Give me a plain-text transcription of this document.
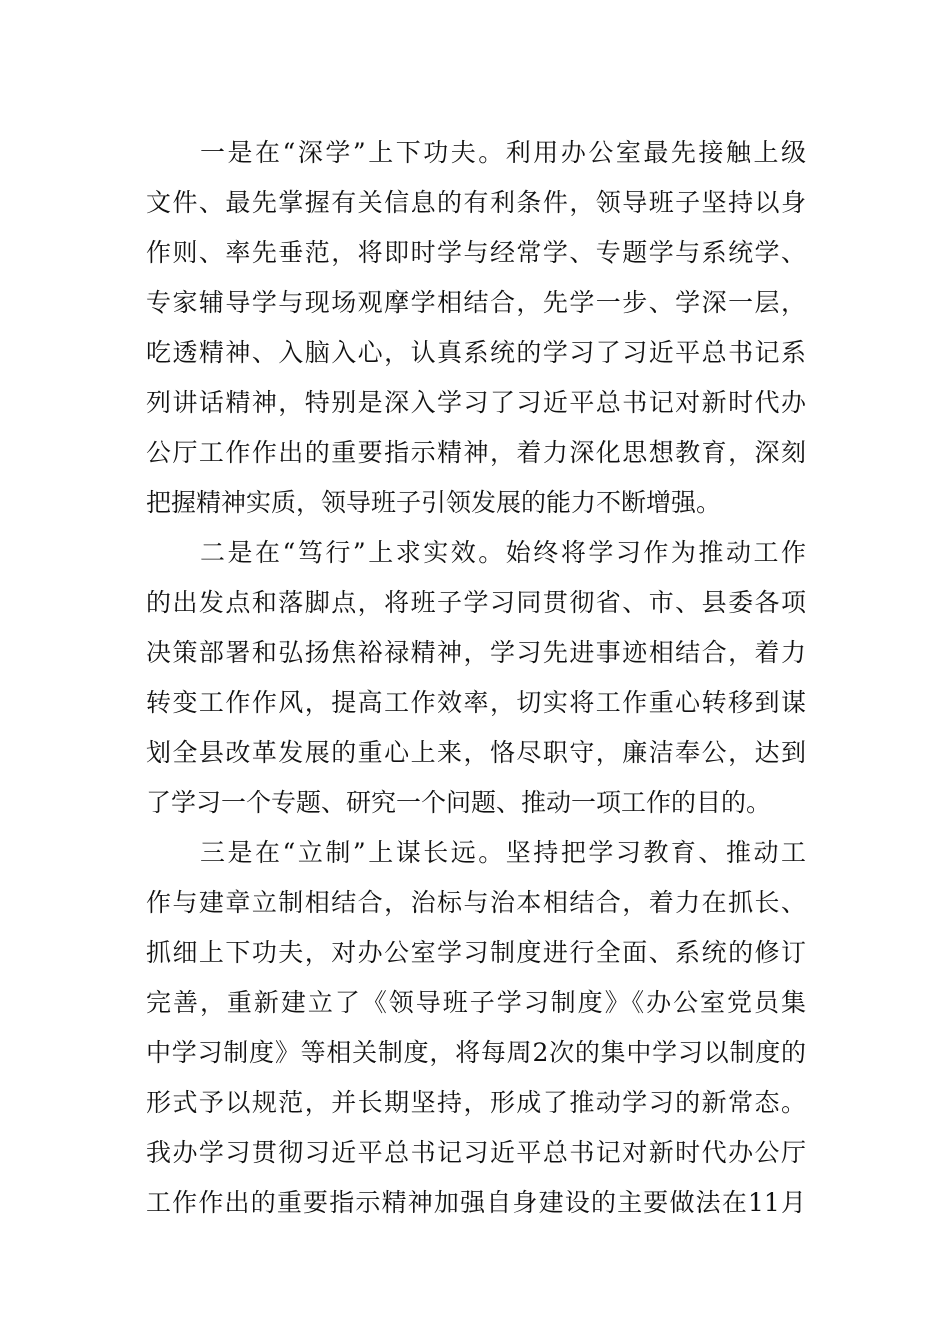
一是在“深学”上下功夫。利用办公室最先接触上级
文件、最先掌握有关信息的有利条件，领导班子坚持以身
作则、率先垂范，将即时学与经常学、专题学与系统学、
专家辅导学与现场观摩学相结合，先学一步、学深一层，
吃透精神、入脑入心，认真系统的学习了习近平总书记系
列讲话精神，特别是深入学习了习近平总书记对新时代办
公厅工作作出的重要指示精神，着力深化思想教育，深刻
把握精神实质，领导班子引领发展的能力不断增强。
二是在“笃行”上求实效。始终将学习作为推动工作
的出发点和落脚点，将班子学习同贯彻省、市、县委各项
决策部署和弘扬焦裕禄精神，学习先进事迹相结合，着力
转变工作作风，提高工作效率，切实将工作重心转移到谋
划全县改革发展的重心上来，恪尽职守，廉洁奉公，达到
了学习一个专题、研究一个问题、推动一项工作的目的。
三是在“立制”上谋长远。坚持把学习教育、推动工
作与建章立制相结合，治标与治本相结合，着力在抓长、
抓细上下功夫，对办公室学习制度进行全面、系统的修订
完善，重新建立了《领导班子学习制度》《办公室党员集
中学习制度》等相关制度，将每周2次的集中学习以制度的
形式予以规范，并长期坚持，形成了推动学习的新常态。
我办学习贯彻习近平总书记习近平总书记对新时代办公厅
工作作出的重要指示精神加强自身建设的主要做法在11月
